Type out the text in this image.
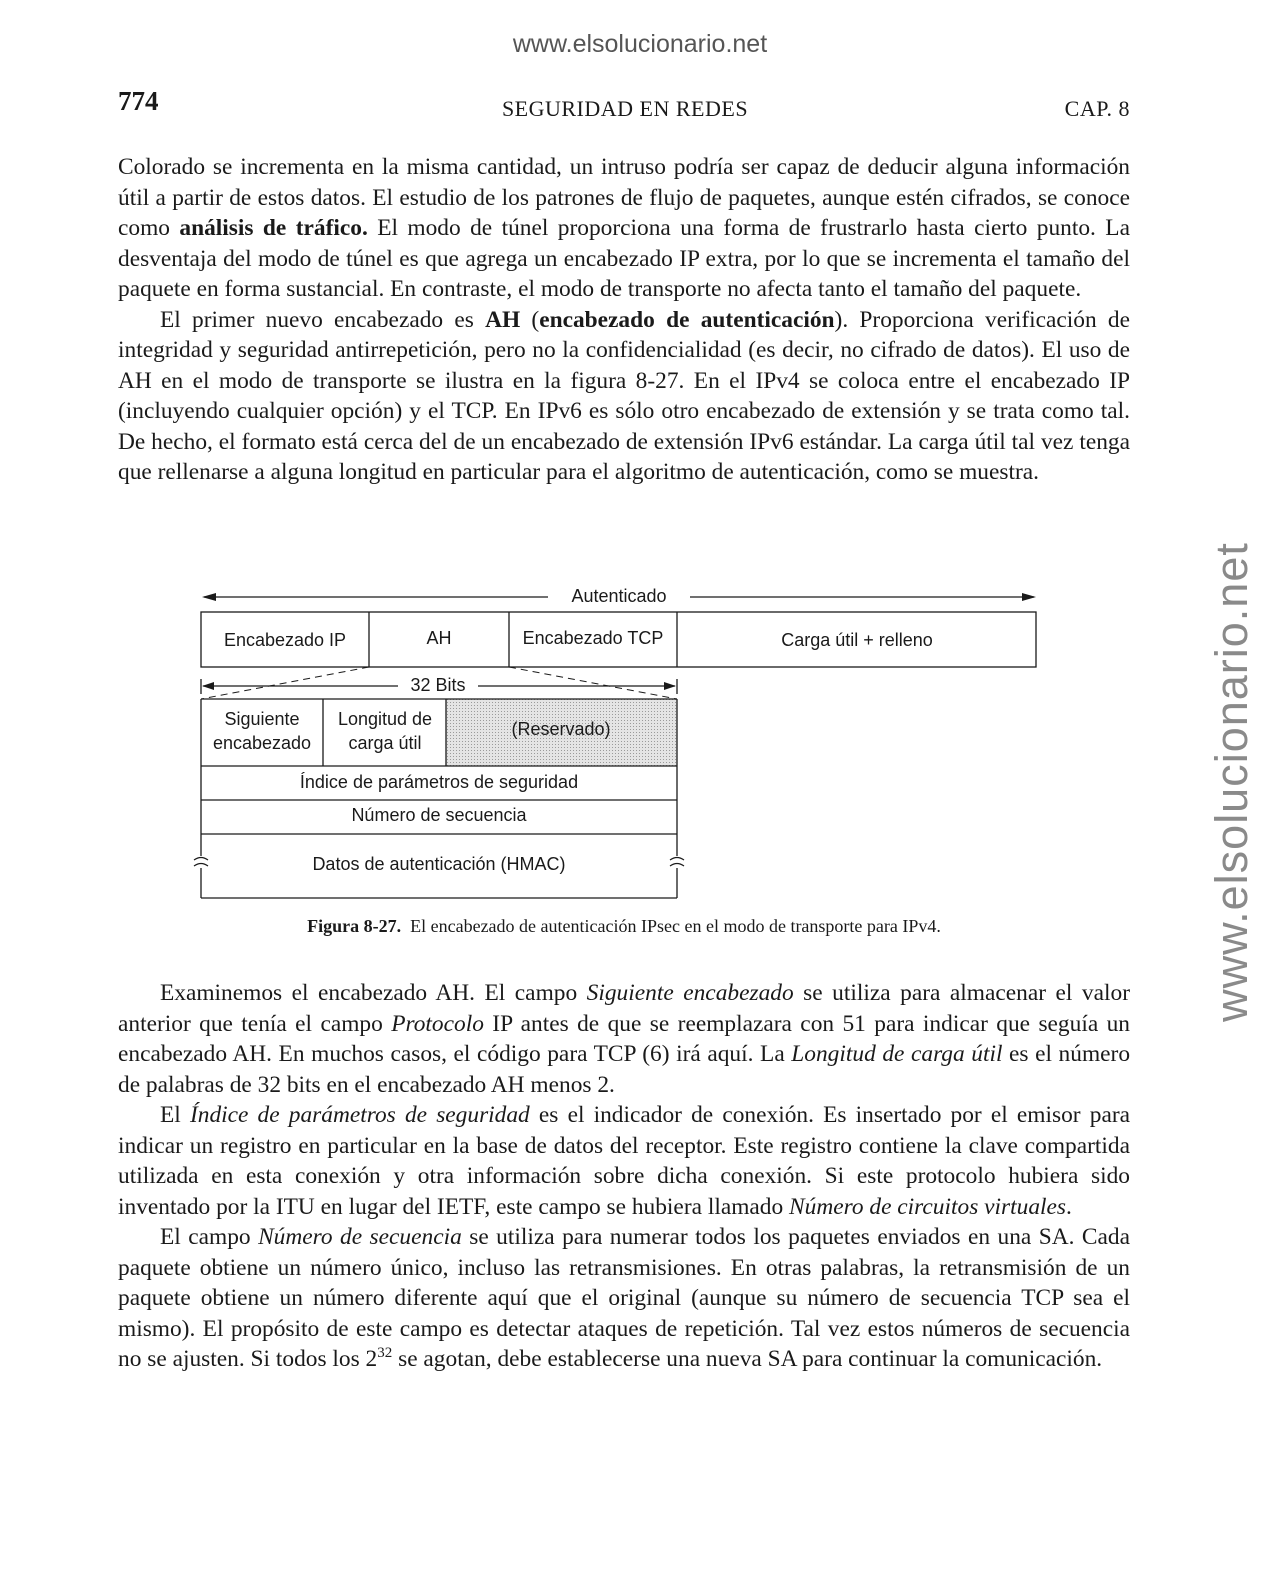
www.elsolucionario.net
www.elsolucionario.net
774	SEGURIDAD EN REDES	CAP. 8

Colorado se incrementa en la misma cantidad, un intruso podría ser capaz de deducir alguna información útil a partir de estos datos. El estudio de los patrones de flujo de paquetes, aunque estén cifrados, se conoce como análisis de tráfico. El modo de túnel proporciona una forma de frustrarlo hasta cierto punto. La desventaja del modo de túnel es que agrega un encabezado IP extra, por lo que se incrementa el tamaño del paquete en forma sustancial. En contraste, el modo de transporte no afecta tanto el tamaño del paquete.

El primer nuevo encabezado es AH (encabezado de autenticación). Proporciona verificación de integridad y seguridad antirrepetición, pero no la confidencialidad (es decir, no cifrado de datos). El uso de AH en el modo de transporte se ilustra en la figura 8-27. En el IPv4 se coloca entre el encabezado IP (incluyendo cualquier opción) y el TCP. En IPv6 es sólo otro encabezado de extensión y se trata como tal. De hecho, el formato está cerca del de un encabezado de extensión IPv6 estándar. La carga útil tal vez tenga que rellenarse a alguna longitud en particular para el algoritmo de autenticación, como se muestra.

Autenticado
Encabezado IP	AH	Encabezado TCP	Carga útil + relleno
32 Bits
Siguiente encabezado
Longitud de carga útil
(Reservado)
Índice de parámetros de seguridad
Número de secuencia
Datos de autenticación (HMAC)
Figura 8-27. El encabezado de autenticación IPsec en el modo de transporte para IPv4.

Examinemos el encabezado AH. El campo Siguiente encabezado se utiliza para almacenar el valor anterior que tenía el campo Protocolo IP antes de que se reemplazara con 51 para indicar que seguía un encabezado AH. En muchos casos, el código para TCP (6) irá aquí. La Longitud de carga útil es el número de palabras de 32 bits en el encabezado AH menos 2.

El Índice de parámetros de seguridad es el indicador de conexión. Es insertado por el emisor para indicar un registro en particular en la base de datos del receptor. Este registro contiene la clave compartida utilizada en esta conexión y otra información sobre dicha conexión. Si este protocolo hubiera sido inventado por la ITU en lugar del IETF, este campo se hubiera llamado Número de circuitos virtuales.

El campo Número de secuencia se utiliza para numerar todos los paquetes enviados en una SA. Cada paquete obtiene un número único, incluso las retransmisiones. En otras palabras, la retransmisión de un paquete obtiene un número diferente aquí que el original (aunque su número de secuencia TCP sea el mismo). El propósito de este campo es detectar ataques de repetición. Tal vez estos números de secuencia no se ajusten. Si todos los $2^{32}$ se agotan, debe establecerse una nueva SA para continuar la comunicación.
